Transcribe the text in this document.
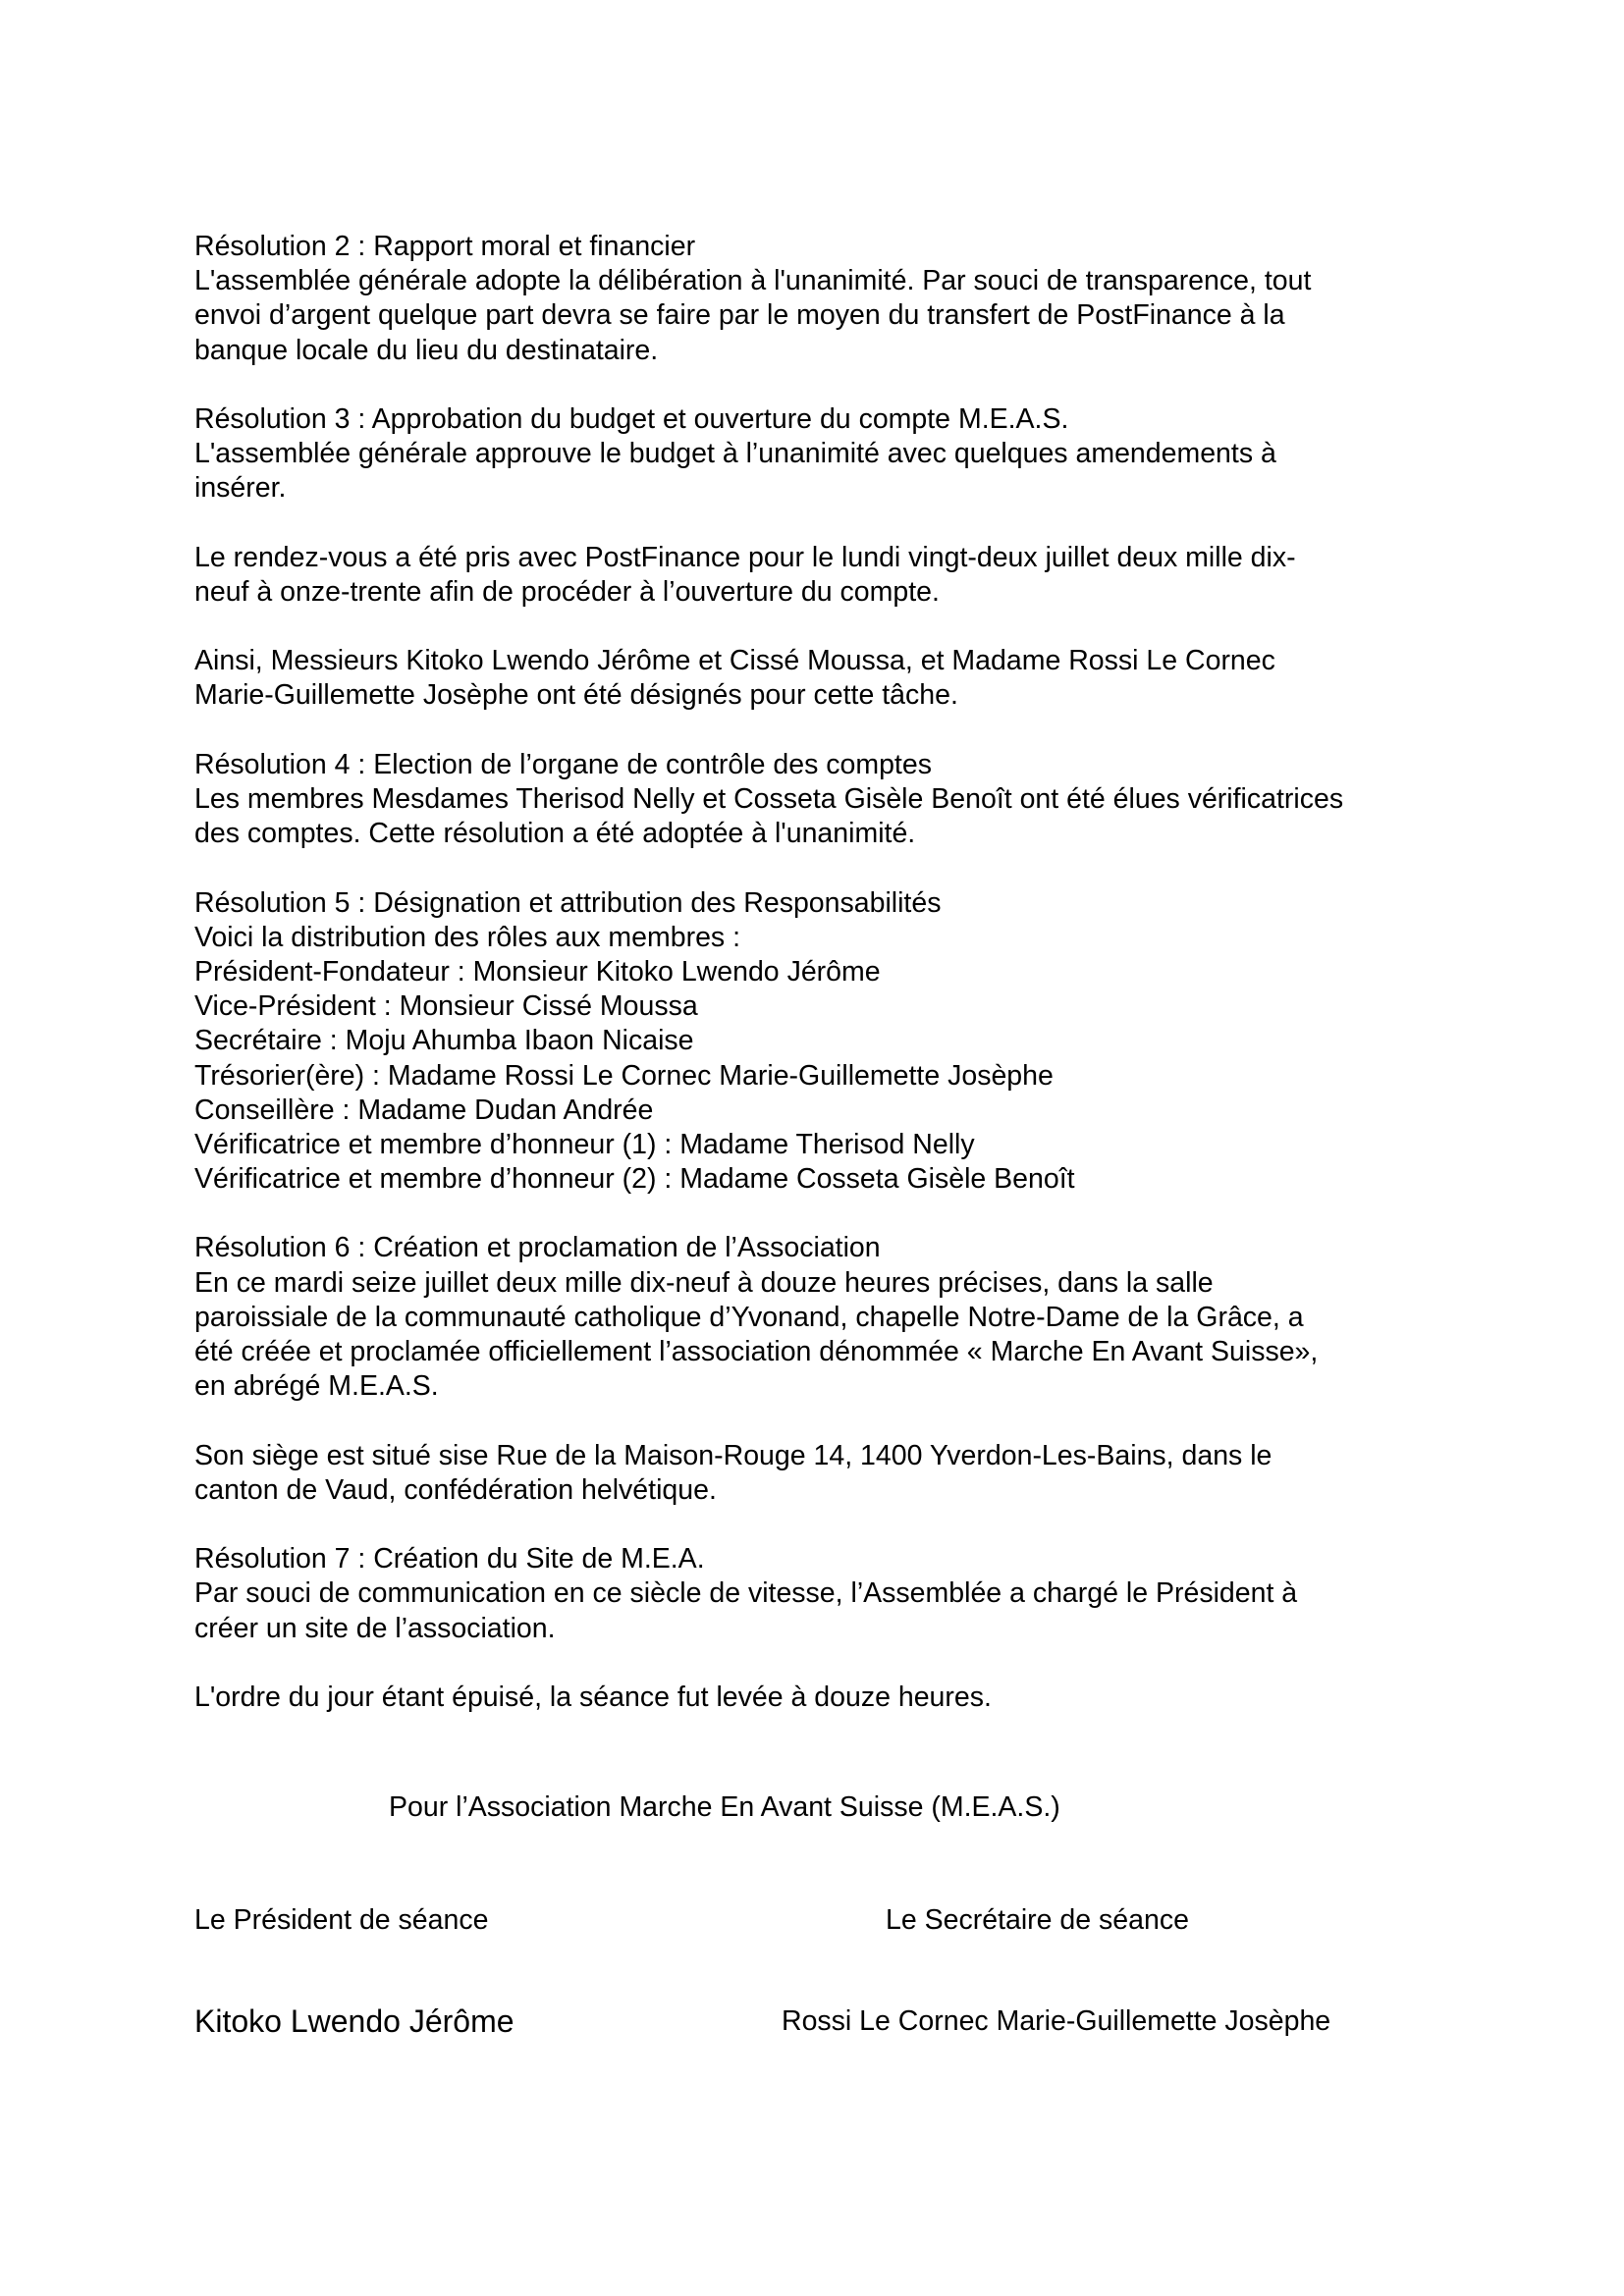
Résolution 2 : Rapport moral et financier
L'assemblée générale adopte la délibération à l'unanimité. Par souci de transparence, tout
envoi d’argent quelque part devra se faire par le moyen du transfert de PostFinance à la
banque locale du lieu du destinataire.
Résolution 3 : Approbation du budget et ouverture du compte M.E.A.S.
L'assemblée générale approuve le budget à l’unanimité avec quelques amendements à
insérer.
Le rendez-vous a été pris avec PostFinance pour le lundi vingt-deux juillet deux mille dix-
neuf à onze-trente afin de procéder à l’ouverture du compte.
Ainsi, Messieurs Kitoko Lwendo Jérôme et Cissé Moussa, et Madame Rossi Le Cornec
Marie-Guillemette Josèphe ont été désignés pour cette tâche.
Résolution 4 : Election de l’organe de contrôle des comptes
Les membres Mesdames Therisod Nelly et Cosseta Gisèle Benoît ont été élues vérificatrices
des comptes. Cette résolution a été adoptée à l'unanimité.
Résolution 5 : Désignation et attribution des Responsabilités
Voici la distribution des rôles aux membres :
Président-Fondateur : Monsieur Kitoko Lwendo Jérôme
Vice-Président : Monsieur Cissé Moussa
Secrétaire : Moju Ahumba Ibaon Nicaise
Trésorier(ère) : Madame Rossi Le Cornec Marie-Guillemette Josèphe
Conseillère : Madame Dudan Andrée
Vérificatrice et membre d’honneur (1) : Madame Therisod Nelly
Vérificatrice et membre d’honneur (2) : Madame Cosseta Gisèle Benoît
Résolution 6 : Création et proclamation de l’Association
En ce mardi seize juillet deux mille dix-neuf à douze heures précises, dans la salle
paroissiale de la communauté catholique d’Yvonand, chapelle Notre-Dame de la Grâce, a
été créée et proclamée officiellement l’association dénommée « Marche En Avant Suisse»,
en abrégé M.E.A.S.
Son siège est situé sise Rue de la Maison-Rouge 14, 1400 Yverdon-Les-Bains, dans le
canton de Vaud, confédération helvétique.
Résolution 7 : Création du Site de M.E.A.
Par souci de communication en ce siècle de vitesse, l’Assemblée a chargé le Président à
créer un site de l’association.
L'ordre du jour étant épuisé, la séance fut levée à douze heures.
Pour l’Association Marche En Avant Suisse (M.E.A.S.)
Le Président de séance	Le Secrétaire de séance
Kitoko Lwendo Jérôme	Rossi Le Cornec Marie-Guillemette Josèphe
